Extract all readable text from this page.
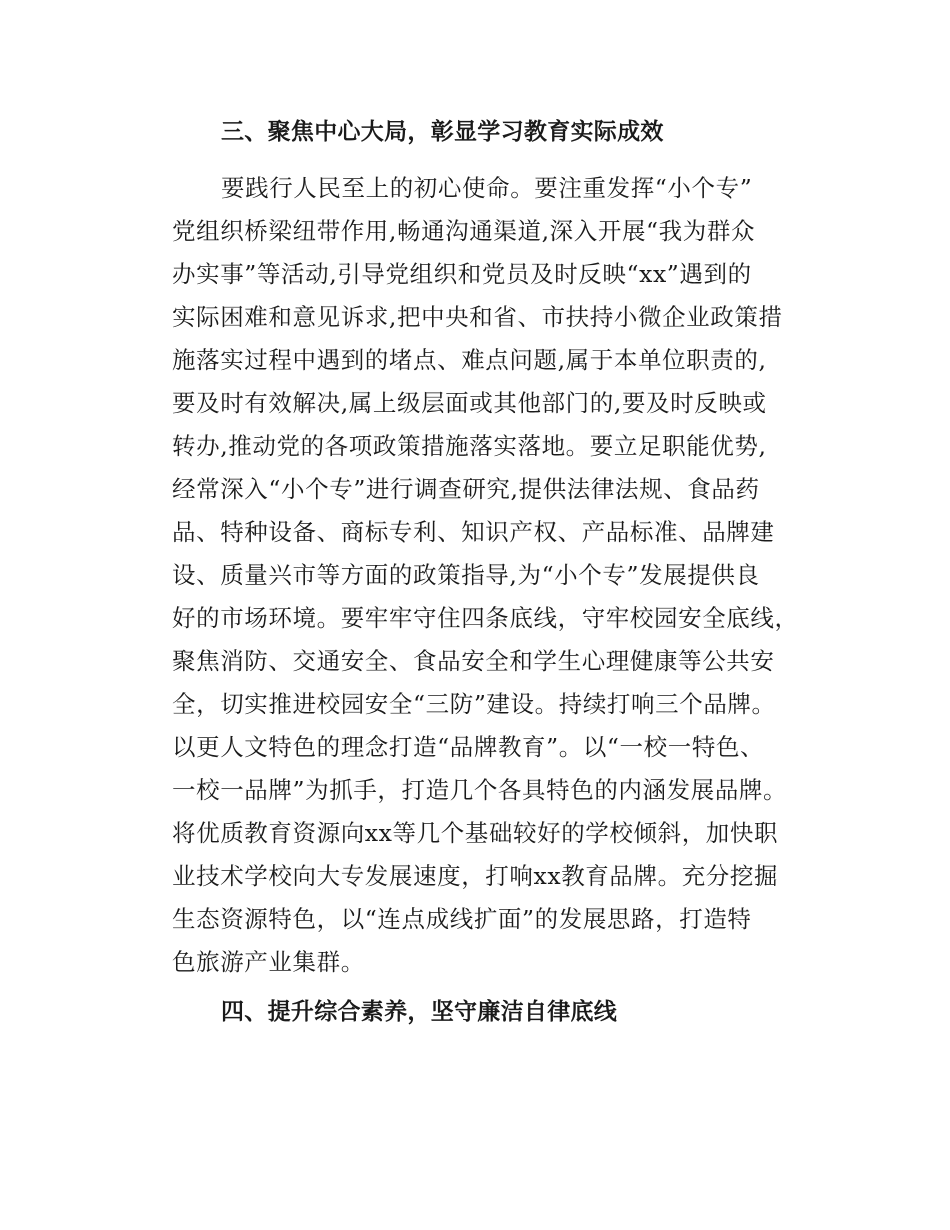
三、聚焦中心大局，彰显学习教育实际成效
要践行人民至上的初心使命。要注重发挥“小个专”
党组织桥梁纽带作用,畅通沟通渠道,深入开展“我为群众
办实事”等活动,引导党组织和党员及时反映“xx”遇到的
实际困难和意见诉求,把中央和省、市扶持小微企业政策措
施落实过程中遇到的堵点、难点问题,属于本单位职责的,
要及时有效解决,属上级层面或其他部门的,要及时反映或
转办,推动党的各项政策措施落实落地。要立足职能优势,
经常深入“小个专”进行调查研究,提供法律法规、食品药
品、特种设备、商标专利、知识产权、产品标准、品牌建
设、质量兴市等方面的政策指导,为“小个专”发展提供良
好的市场环境。要牢牢守住四条底线，守牢校园安全底线，
聚焦消防、交通安全、食品安全和学生心理健康等公共安
全，切实推进校园安全“三防”建设。持续打响三个品牌。
以更人文特色的理念打造“品牌教育”。以“一校一特色、
一校一品牌”为抓手，打造几个各具特色的内涵发展品牌。
将优质教育资源向xx等几个基础较好的学校倾斜，加快职
业技术学校向大专发展速度，打响xx教育品牌。充分挖掘
生态资源特色，以“连点成线扩面”的发展思路，打造特
色旅游产业集群。
四、提升综合素养，坚守廉洁自律底线
